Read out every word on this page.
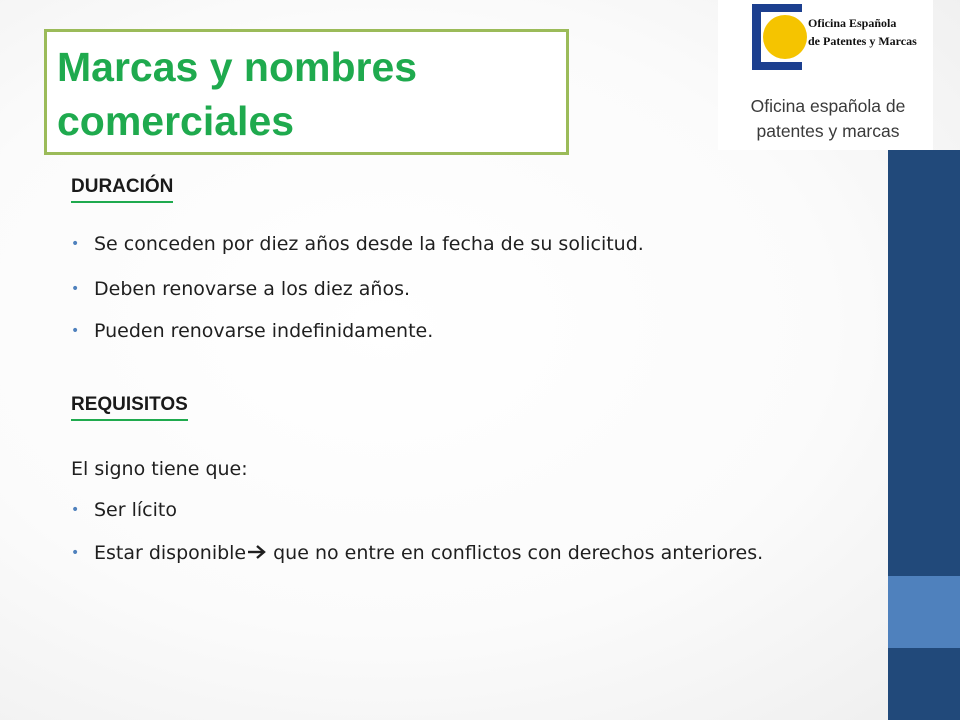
Oficina Española
de Patentes y Marcas
Oficina española de
patentes y marcas
Marcas y nombres comerciales
DURACIÓN
• Se conceden por diez años desde la fecha de su solicitud.
• Deben renovarse a los diez años.
• Pueden renovarse indefinidamente.
REQUISITOS
El signo tiene que:
• Ser lícito
• Estar disponible que no entre en conflictos con derechos anteriores.
